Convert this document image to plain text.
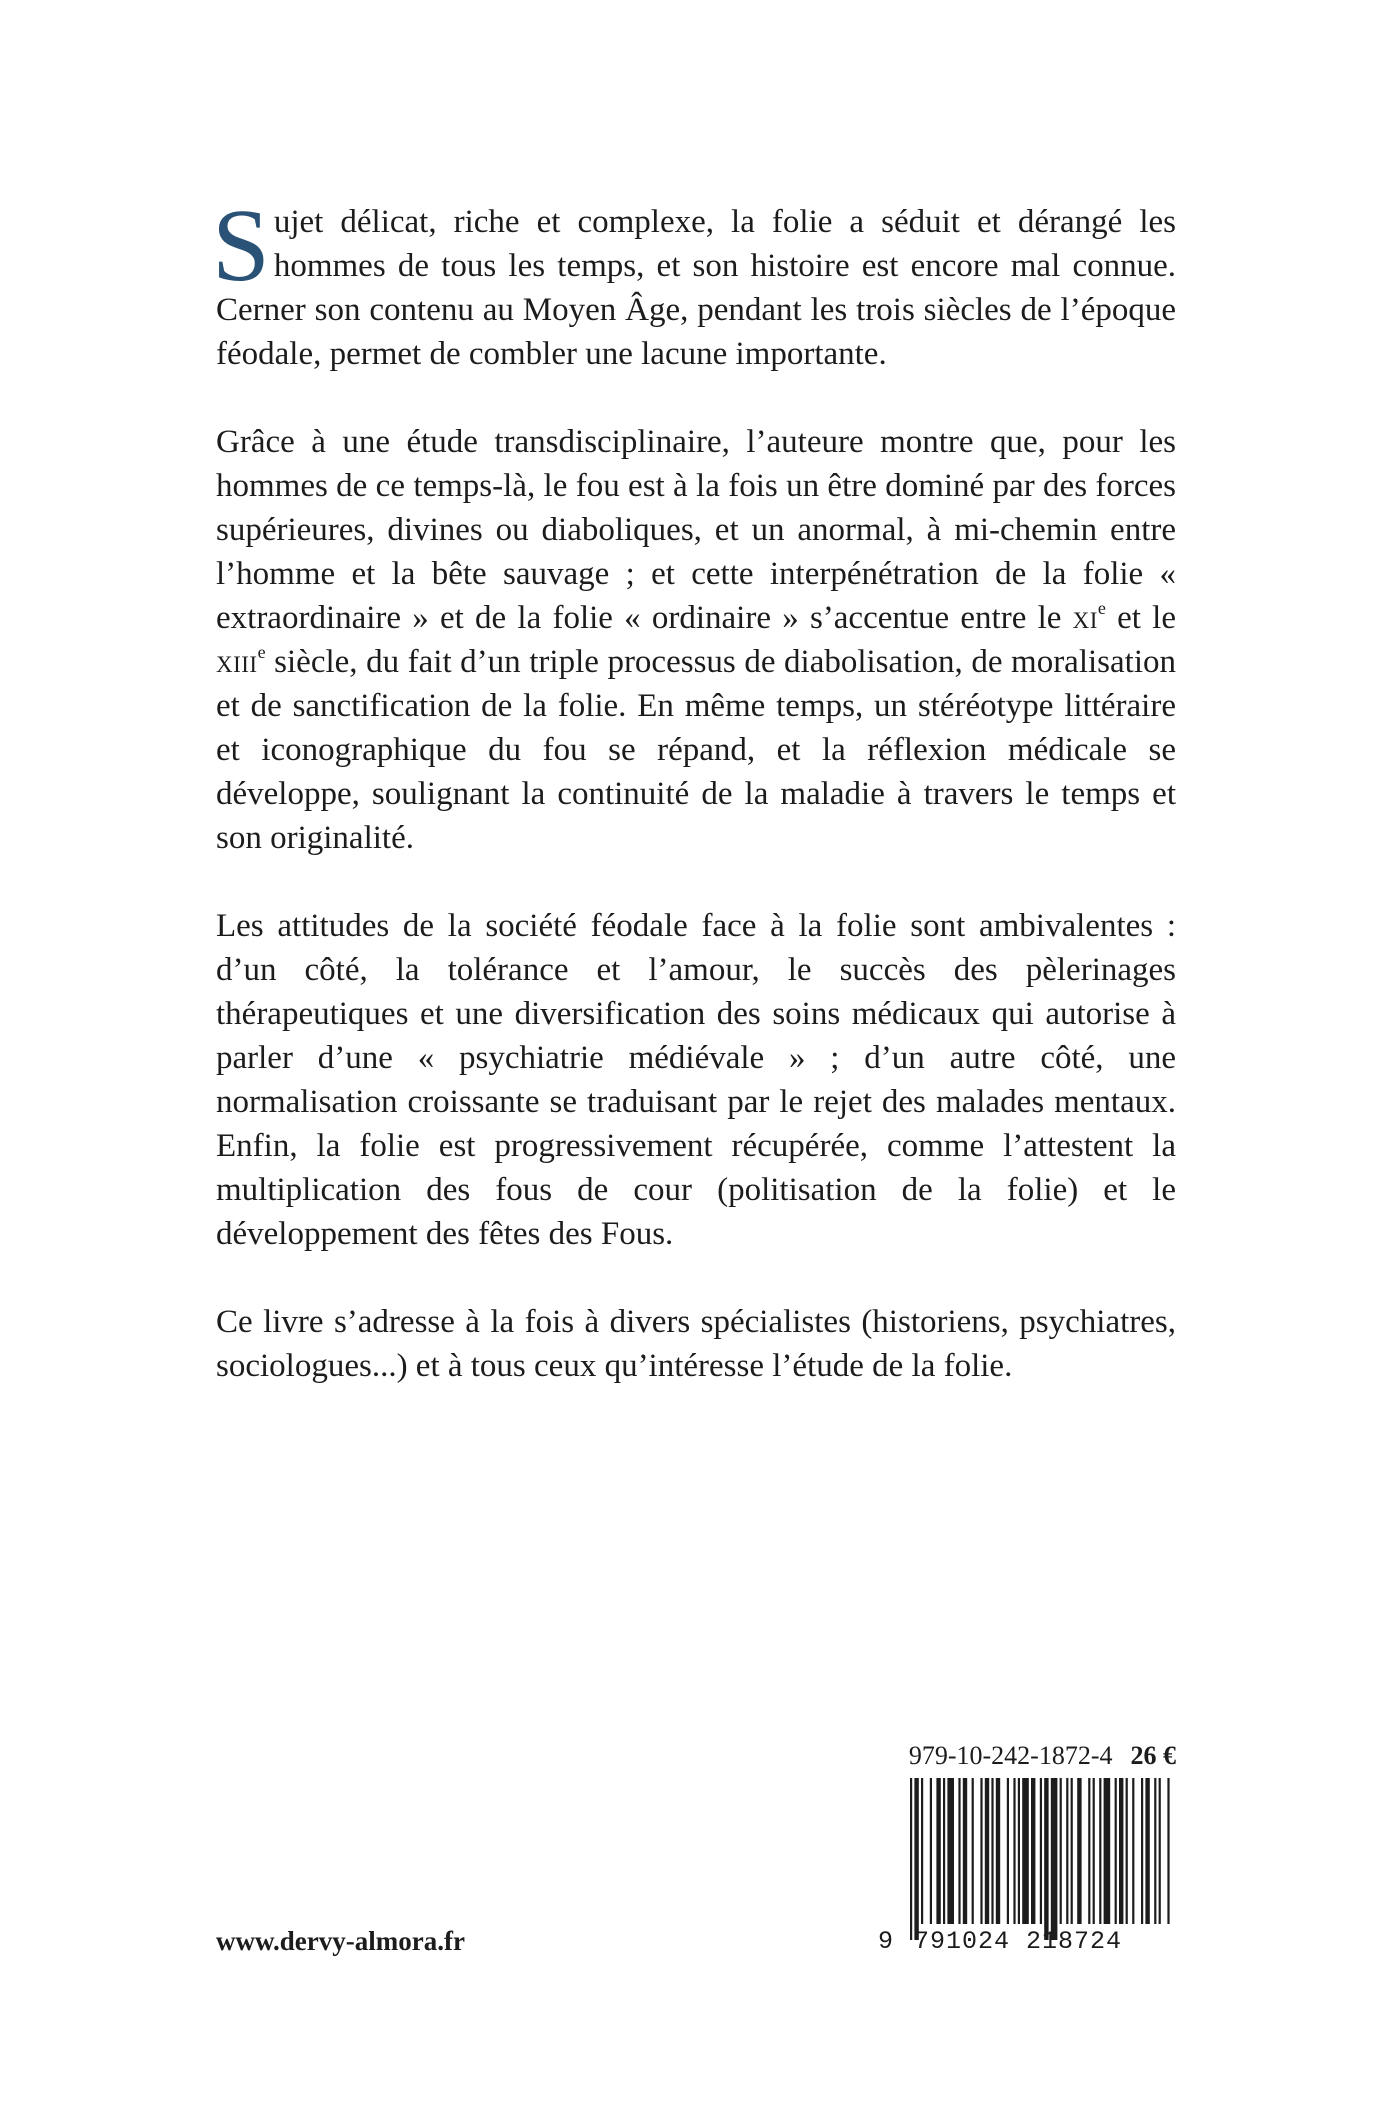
Sujet délicat, riche et complexe, la folie a séduit et dérangé les hommes de tous les temps, et son histoire est encore mal connue. Cerner son contenu au Moyen Âge, pendant les trois siècles de l’époque féodale, permet de combler une lacune importante.

Grâce à une étude transdisciplinaire, l’auteure montre que, pour les hommes de ce temps-là, le fou est à la fois un être dominé par des forces supérieures, divines ou diaboliques, et un anormal, à mi-chemin entre l’homme et la bête sauvage ; et cette interpénétration de la folie « extraordinaire » et de la folie « ordinaire » s’accentue entre le $xi^e$ et le xiii$^e$ siècle, du fait d’un triple processus de diabolisation, de moralisation et de sanctification de la folie. En même temps, un stéréotype littéraire et iconographique du fou se répand, et la réflexion médicale se développe, soulignant la continuité de la maladie à travers le temps et son originalité.

Les attitudes de la société féodale face à la folie sont ambivalentes : d’un côté, la tolérance et l’amour, le succès des pèlerinages thérapeutiques et une diversification des soins médicaux qui autorise à parler d’une « psychiatrie médiévale » ; d’un autre côté, une normalisation croissante se traduisant par le rejet des malades mentaux. Enfin, la folie est progressivement récupérée, comme l’attestent la multiplication des fous de cour (politisation de la folie) et le développement des fêtes des Fous.

Ce livre s’adresse à la fois à divers spécialistes (historiens, psychiatres, sociologues...) et à tous ceux qu’intéresse l’étude de la folie.

979-10-242-1872-4 26 €
9 791024 218724
www.dervy-almora.fr
